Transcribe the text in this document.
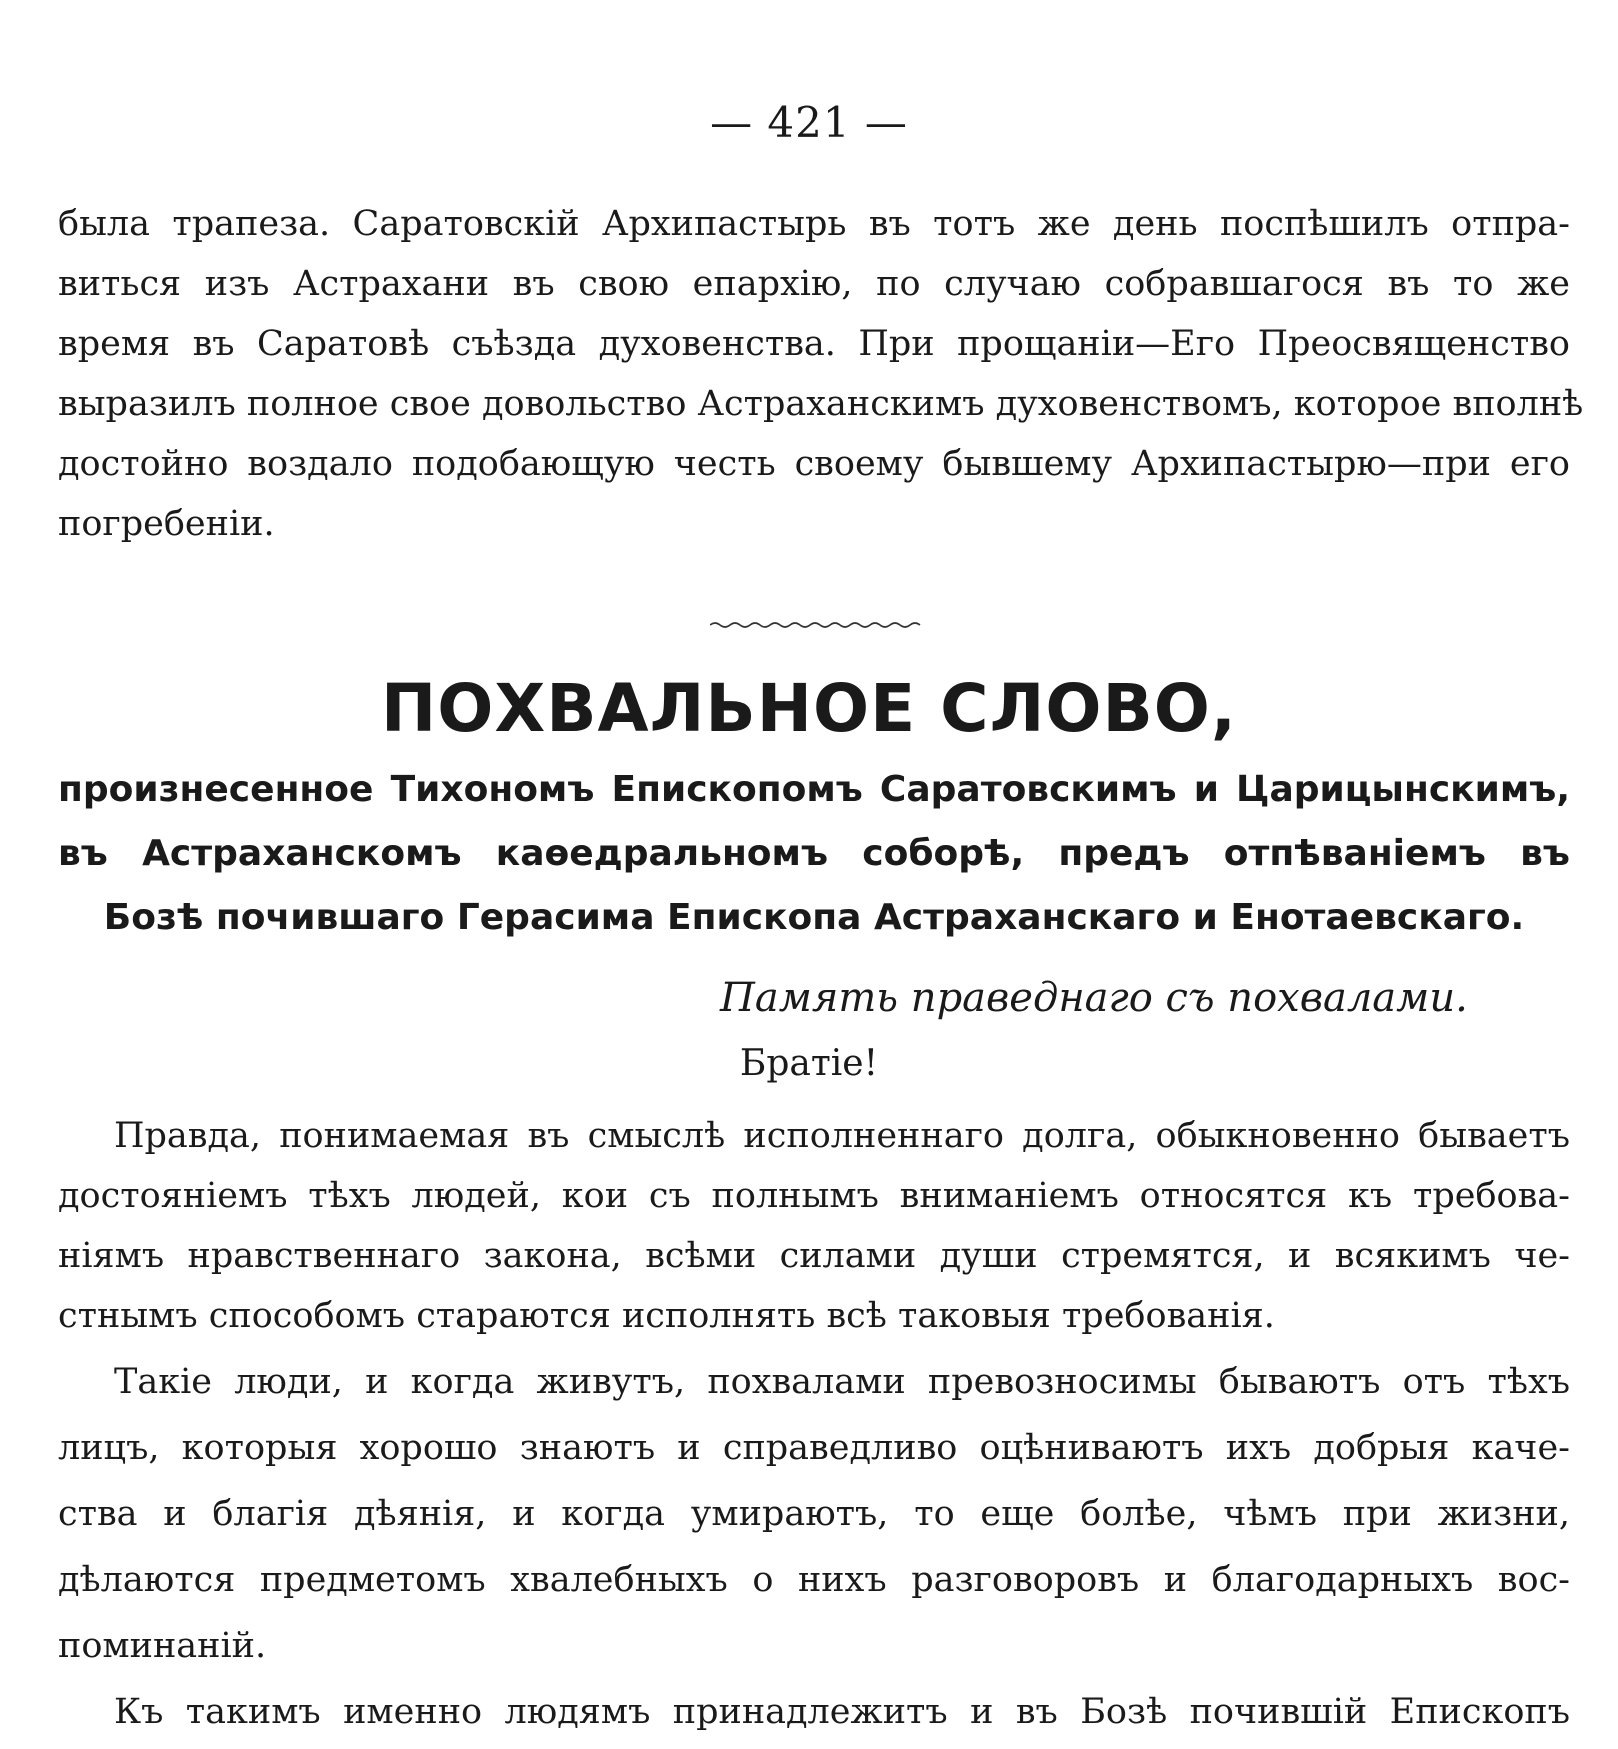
— 421 —
была трапеза. Саратовскій Архипастырь въ тотъ же день поспѣшилъ отпра-
виться изъ Астрахани въ свою епархію, по случаю собравшагося въ то же
время въ Саратовѣ съѣзда духовенства. При прощаніи—Его Преосвященство
выразилъ полное свое довольство Астраханскимъ духовенствомъ, которое вполнѣ
достойно воздало подобающую честь своему бывшему Архипастырю—при его
погребеніи.
ПОХВАЛЬНОЕ СЛОВО,
произнесенное Тихономъ Епископомъ Саратовскимъ и Царицынскимъ,
въ Астраханскомъ каѳедральномъ соборѣ, предъ отпѣваніемъ въ
Бозѣ почившаго Герасима Епископа Астраханскаго и Енотаевскаго.
Память праведнаго съ похвалами.
Братіе!
Правда, понимаемая въ смыслѣ исполненнаго долга, обыкновенно бываетъ
достояніемъ тѣхъ людей, кои съ полнымъ вниманіемъ относятся къ требова-
ніямъ нравственнаго закона, всѣми силами души стремятся, и всякимъ че-
стнымъ способомъ стараются исполнять всѣ таковыя требованія.
Такіе люди, и когда живутъ, похвалами превозносимы бываютъ отъ тѣхъ
лицъ, которыя хорошо знаютъ и справедливо оцѣниваютъ ихъ добрыя каче-
ства и благія дѣянія, и когда умираютъ, то еще болѣе, чѣмъ при жизни,
дѣлаются предметомъ хвалебныхъ о нихъ разговоровъ и благодарныхъ вос-
поминаній.
Къ такимъ именно людямъ принадлежитъ и въ Бозѣ почившій Епископъ
